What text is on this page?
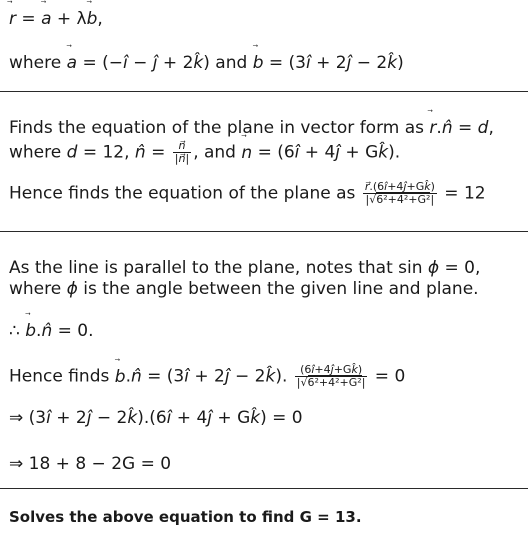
r
= a
+ λb
,
where a
= (−î − ĵ + 2k̂) and b
= (3î + 2ĵ − 2k̂)
Finds the equation of the plane in vector form as r
.n̂ = d,
where d = 12, n̂ = $\frac{n⃗}{|n⃗|}$ , and n
= (6î + 4ĵ + Gk̂).
Hence finds the equation of the plane as $\frac{r⃗.(6î+4ĵ+Gk̂)}{\text{|√6²+4²+G²|}} = 12$
As the line is parallel to the plane, notes that sin ϕ = 0,
where ϕ is the angle between the given line and plane.
∴ b
.n̂ = 0.
Hence finds b
.n̂ = (3î + 2ĵ − 2k̂). $\frac{(6î+4ĵ+Gk̂)}{\text{|√6²+4²+G²|}} = 0$
⇒ (3î + 2ĵ − 2k̂).(6î + 4ĵ + Gk̂) = 0
⇒ 18 + 8 − 2G = 0
Solves the above equation to find G = 13.
